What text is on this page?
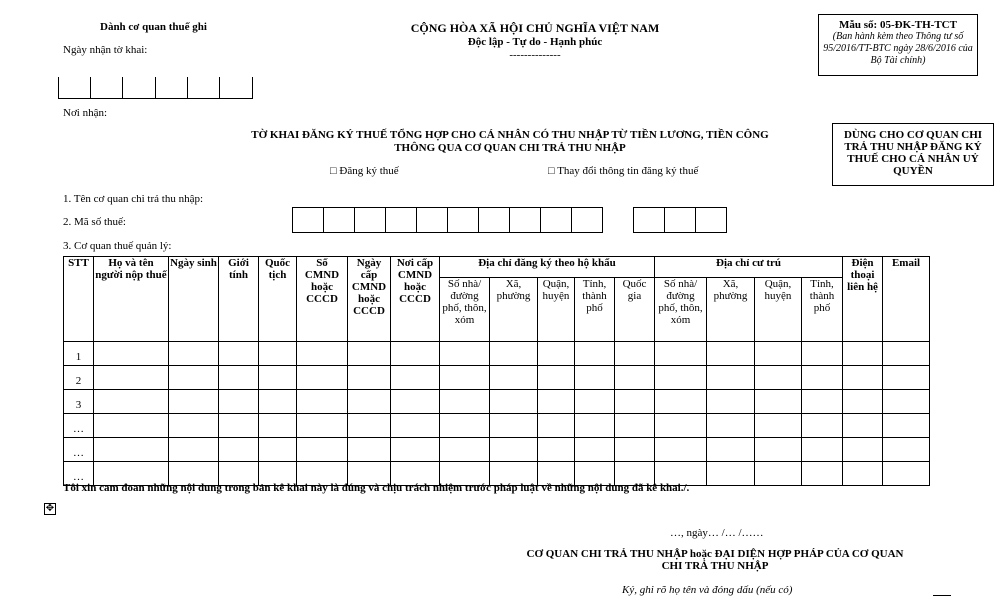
Dành cơ quan thuế ghi
Ngày nhận tờ khai:
CỘNG HÒA XÃ HỘI CHỦ NGHĨA VIỆT NAM
Độc lập - Tự do - Hạnh phúc
--------------
Mẫu số: 05-ĐK-TH-TCT
(Ban hành kèm theo Thông tư số 95/2016/TT-BTC ngày 28/6/2016 của Bộ Tài chính)
Nơi nhận:
TỜ KHAI ĐĂNG KÝ THUẾ TỔNG HỢP CHO CÁ NHÂN CÓ THU NHẬP TỪ TIỀN LƯƠNG, TIỀN CÔNG
THÔNG QUA CƠ QUAN CHI TRẢ THU NHẬP
DÙNG CHO CƠ QUAN CHI TRẢ THU NHẬP ĐĂNG KÝ THUẾ CHO CÁ NHÂN UỶ QUYỀN
□ Đăng ký thuế	□ Thay đổi thông tin đăng ký thuế
1. Tên cơ quan chi trả thu nhập:
2. Mã số thuế:
3. Cơ quan thuế quản lý:
STT	Họ và tên người nộp thuế	Ngày sinh	Giới tính	Quốc tịch	Số CMND hoặc CCCD	Ngày cấp CMND hoặc CCCD	Nơi cấp CMND hoặc CCCD	Địa chỉ đăng ký theo hộ khẩu					Địa chỉ cư trú				Điện thoại liên hệ	Email
								Số nhà/ đường phố, thôn, xóm	Xã, phường	Quận, huyện	Tỉnh, thành phố	Quốc gia	Số nhà/ đường phố, thôn, xóm	Xã, phường	Quận, huyện	Tỉnh, thành phố		
1																		
2																		
3																		
…																		
…																		
…																		
Tôi xin cam đoan những nội dung trong bản kê khai này là đúng và chịu trách nhiệm trước pháp luật về những nội dung đã kê khai./.
✥
…, ngày… /… /……
CƠ QUAN CHI TRẢ THU NHẬP hoặc ĐẠI DIỆN HỢP PHÁP CỦA CƠ QUAN
CHI TRẢ THU NHẬP
Ký, ghi rõ họ tên và đóng dấu (nếu có)
